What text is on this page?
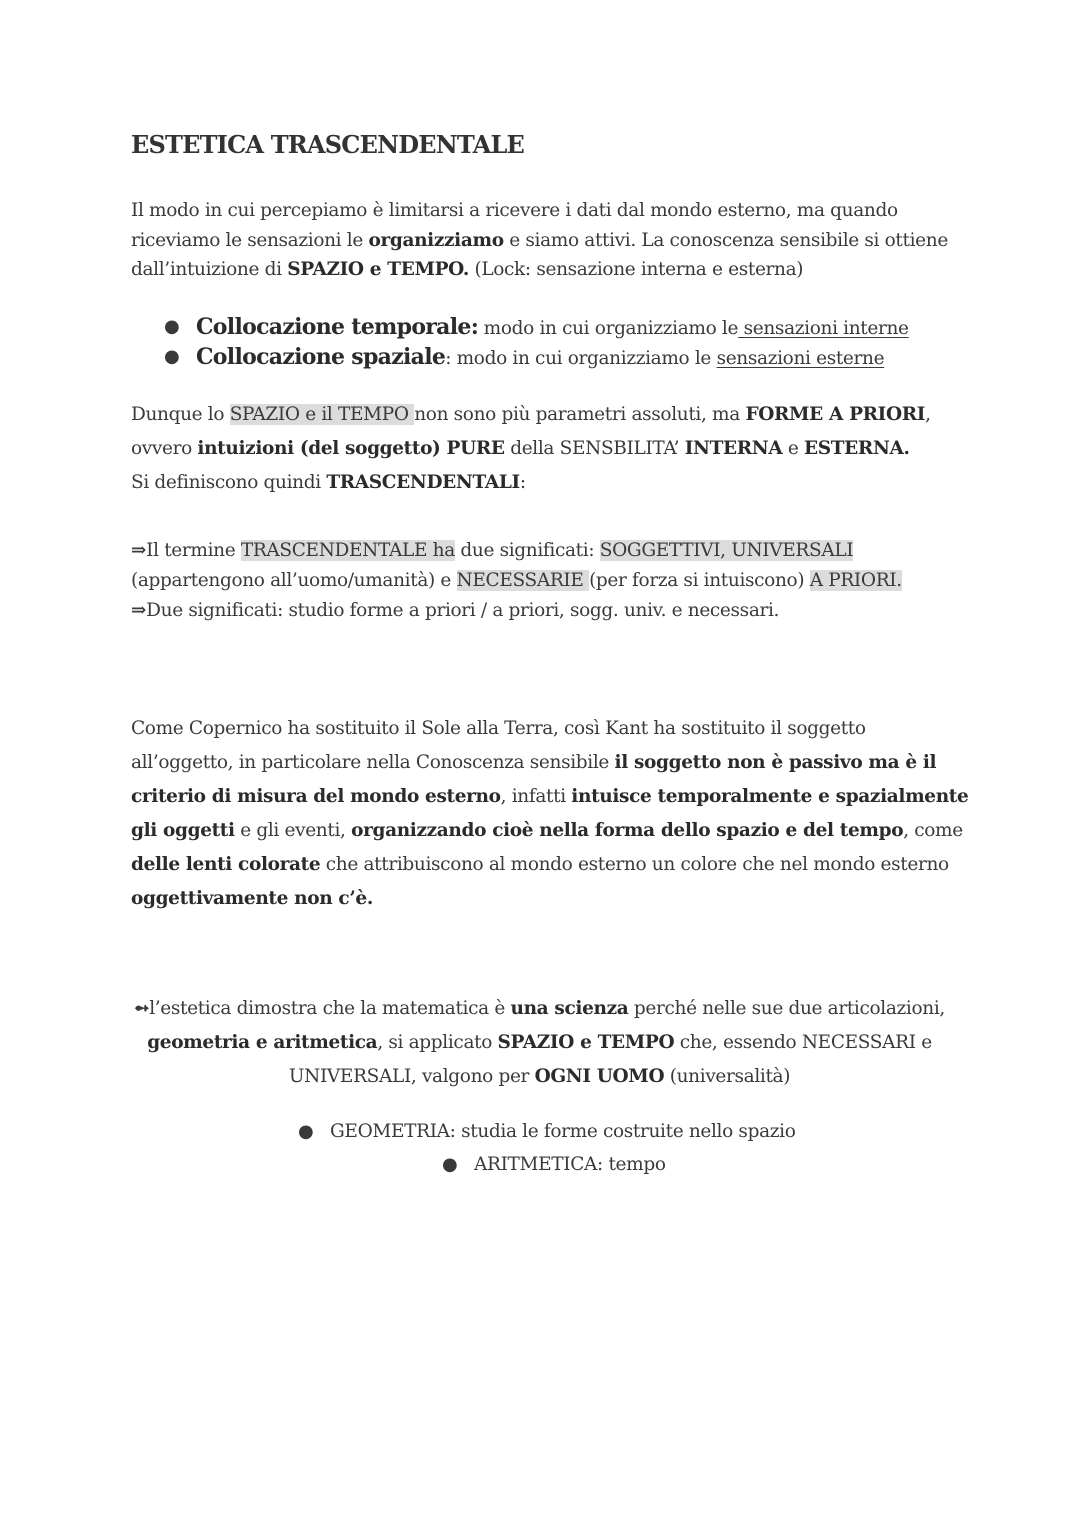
ESTETICA TRASCENDENTALE

Il modo in cui percepiamo è limitarsi a ricevere i dati dal mondo esterno, ma quando riceviamo le sensazioni le organizziamo e siamo attivi. La conoscenza sensibile si ottiene dall’intuizione di SPAZIO e TEMPO. (Lock: sensazione interna e esterna)

● Collocazione temporale: modo in cui organizziamo le sensazioni interne
● Collocazione spaziale: modo in cui organizziamo le sensazioni esterne

Dunque lo SPAZIO e il TEMPO non sono più parametri assoluti, ma FORME A PRIORI, ovvero intuizioni (del soggetto) PURE della SENSBILITA’ INTERNA e ESTERNA.
Si definiscono quindi TRASCENDENTALI:

⇒Il termine TRASCENDENTALE ha due significati: SOGGETTIVI, UNIVERSALI
(appartengono all’uomo/umanità) e NECESSARIE (per forza si intuiscono) A PRIORI.
⇒Due significati: studio forme a priori / a priori, sogg. univ. e necessari.

Come Copernico ha sostituito il Sole alla Terra, così Kant ha sostituito il soggetto all’oggetto, in particolare nella Conoscenza sensibile il soggetto non è passivo ma è il criterio di misura del mondo esterno, infatti intuisce temporalmente e spazialmente gli oggetti e gli eventi, organizzando cioè nella forma dello spazio e del tempo, come delle lenti colorate che attribuiscono al mondo esterno un colore che nel mondo esterno oggettivamente non c’è.

➻l’estetica dimostra che la matematica è una scienza perché nelle sue due articolazioni, geometria e aritmetica, si applicato SPAZIO e TEMPO che, essendo NECESSARI e UNIVERSALI, valgono per OGNI UOMO (universalità)

● GEOMETRIA: studia le forme costruite nello spazio
● ARITMETICA: tempo
